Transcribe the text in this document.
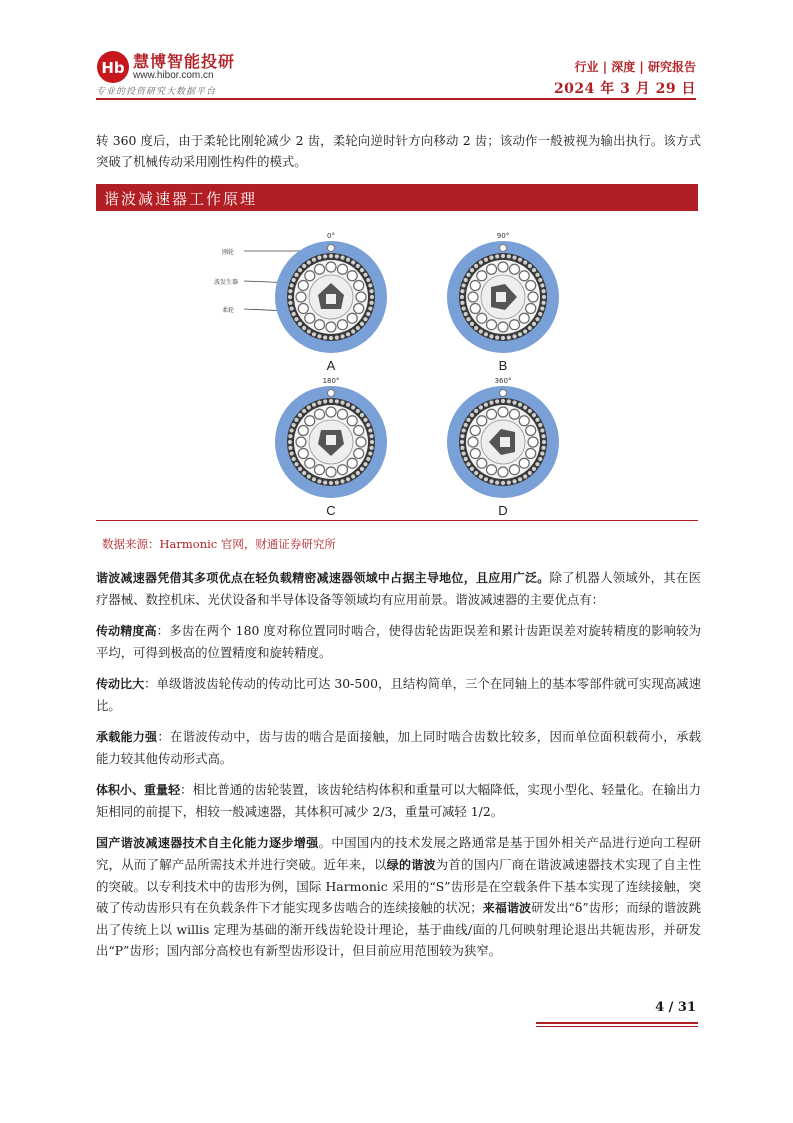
Hb 慧博智能投研
www.hibor.com.cn
专业的投资研究大数据平台
行业 | 深度 | 研究报告
2024 年 3 月 29 日

转 360 度后，由于柔轮比刚轮减少 2 齿，柔轮向逆时针方向移动 2 齿；该动作一般被视为输出执行。该方式突破了机械传动采用刚性构件的模式。

谐波减速器工作原理
刚轮
波发生器
柔轮
0°
A
90°
B
180°
C
360°
D
数据来源：Harmonic 官网，财通证券研究所

谐波减速器凭借其多项优点在轻负载精密减速器领域中占据主导地位，且应用广泛。除了机器人领域外，其在医疗器械、数控机床、光伏设备和半导体设备等领域均有应用前景。谐波减速器的主要优点有：

传动精度高：多齿在两个 180 度对称位置同时啮合，使得齿轮齿距误差和累计齿距误差对旋转精度的影响较为平均，可得到极高的位置精度和旋转精度。

传动比大：单级谐波齿轮传动的传动比可达 30-500，且结构简单，三个在同轴上的基本零部件就可实现高减速比。

承载能力强：在谐波传动中，齿与齿的啮合是面接触，加上同时啮合齿数比较多，因而单位面积载荷小，承载能力较其他传动形式高。

体积小、重量轻：相比普通的齿轮装置，该齿轮结构体积和重量可以大幅降低，实现小型化、轻量化。在输出力矩相同的前提下，相较一般减速器，其体积可减少 2/3，重量可减轻 1/2。

国产谐波减速器技术自主化能力逐步增强。中国国内的技术发展之路通常是基于国外相关产品进行逆向工程研究，从而了解产品所需技术并进行突破。近年来，以绿的谐波为首的国内厂商在谐波减速器技术实现了自主性的突破。以专利技术中的齿形为例，国际 Harmonic 采用的“S”齿形是在空载条件下基本实现了连续接触，突破了传动齿形只有在负载条件下才能实现多齿啮合的连续接触的状况；来福谐波研发出“δ”齿形；而绿的谐波跳出了传统上以 willis 定理为基础的渐开线齿轮设计理论，基于曲线/面的几何映射理论退出共轭齿形，并研发出“P”齿形；国内部分高校也有新型齿形设计，但目前应用范围较为狭窄。

4 / 31
